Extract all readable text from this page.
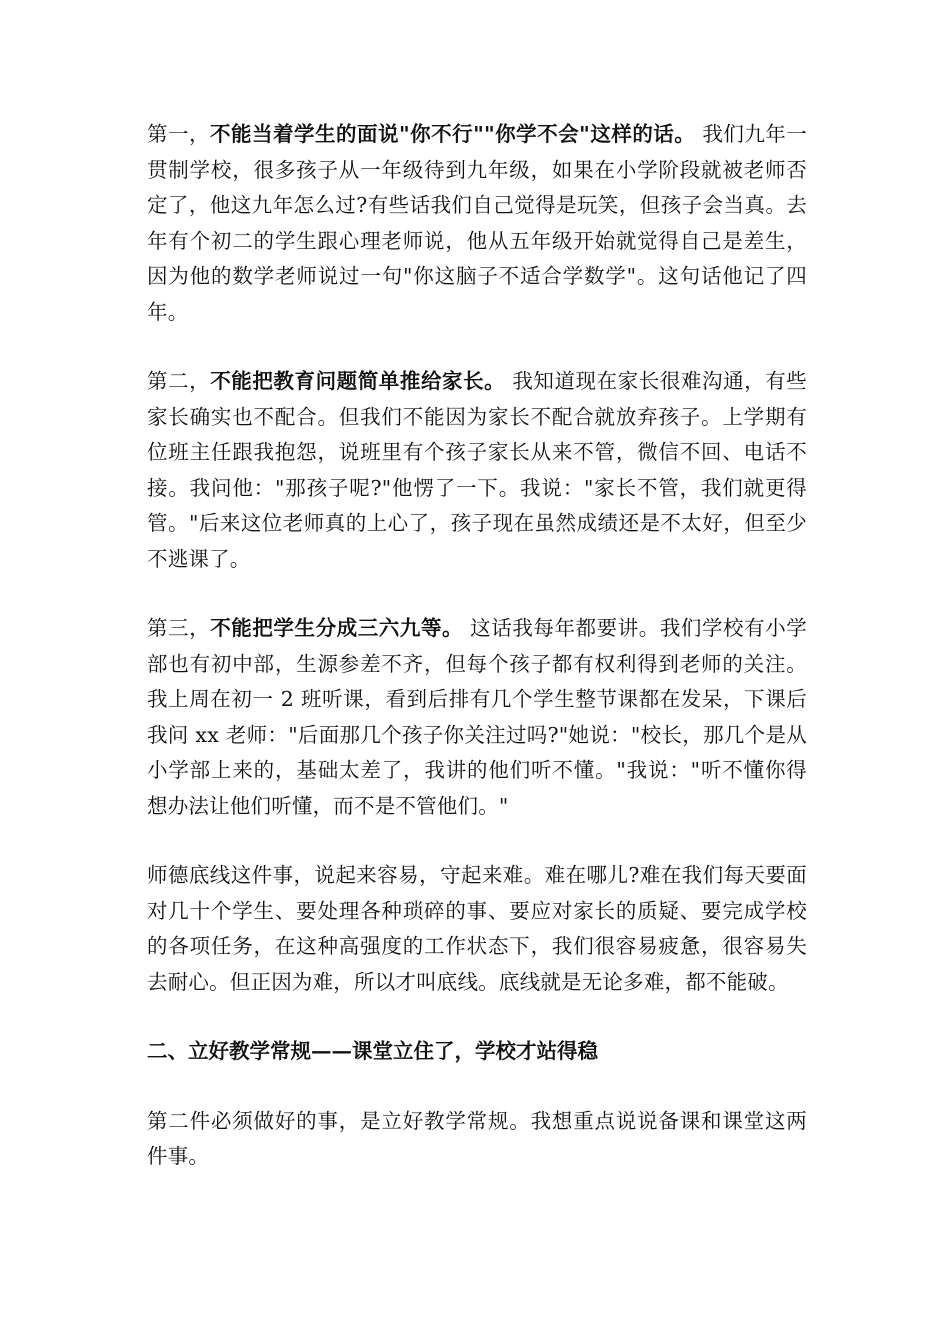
第一，不能当着学生的面说"你不行""你学不会"这样的话。 我们九年一贯制学校，很多孩子从一年级待到九年级，如果在小学阶段就被老师否定了，他这九年怎么过?有些话我们自己觉得是玩笑，但孩子会当真。去年有个初二的学生跟心理老师说，他从五年级开始就觉得自己是差生，因为他的数学老师说过一句"你这脑子不适合学数学"。这句话他记了四年。

第二，不能把教育问题简单推给家长。 我知道现在家长很难沟通，有些家长确实也不配合。但我们不能因为家长不配合就放弃孩子。上学期有位班主任跟我抱怨，说班里有个孩子家长从来不管，微信不回、电话不接。我问他："那孩子呢?"他愣了一下。我说："家长不管，我们就更得管。"后来这位老师真的上心了，孩子现在虽然成绩还是不太好，但至少不逃课了。

第三，不能把学生分成三六九等。 这话我每年都要讲。我们学校有小学部也有初中部，生源参差不齐，但每个孩子都有权利得到老师的关注。我上周在初一 2 班听课，看到后排有几个学生整节课都在发呆，下课后我问 xx 老师："后面那几个孩子你关注过吗?"她说："校长，那几个是从小学部上来的，基础太差了，我讲的他们听不懂。"我说："听不懂你得想办法让他们听懂，而不是不管他们。"

师德底线这件事，说起来容易，守起来难。难在哪儿?难在我们每天要面对几十个学生、要处理各种琐碎的事、要应对家长的质疑、要完成学校的各项任务，在这种高强度的工作状态下，我们很容易疲惫，很容易失去耐心。但正因为难，所以才叫底线。底线就是无论多难，都不能破。

二、立好教学常规——课堂立住了，学校才站得稳

第二件必须做好的事，是立好教学常规。我想重点说说备课和课堂这两件事。
